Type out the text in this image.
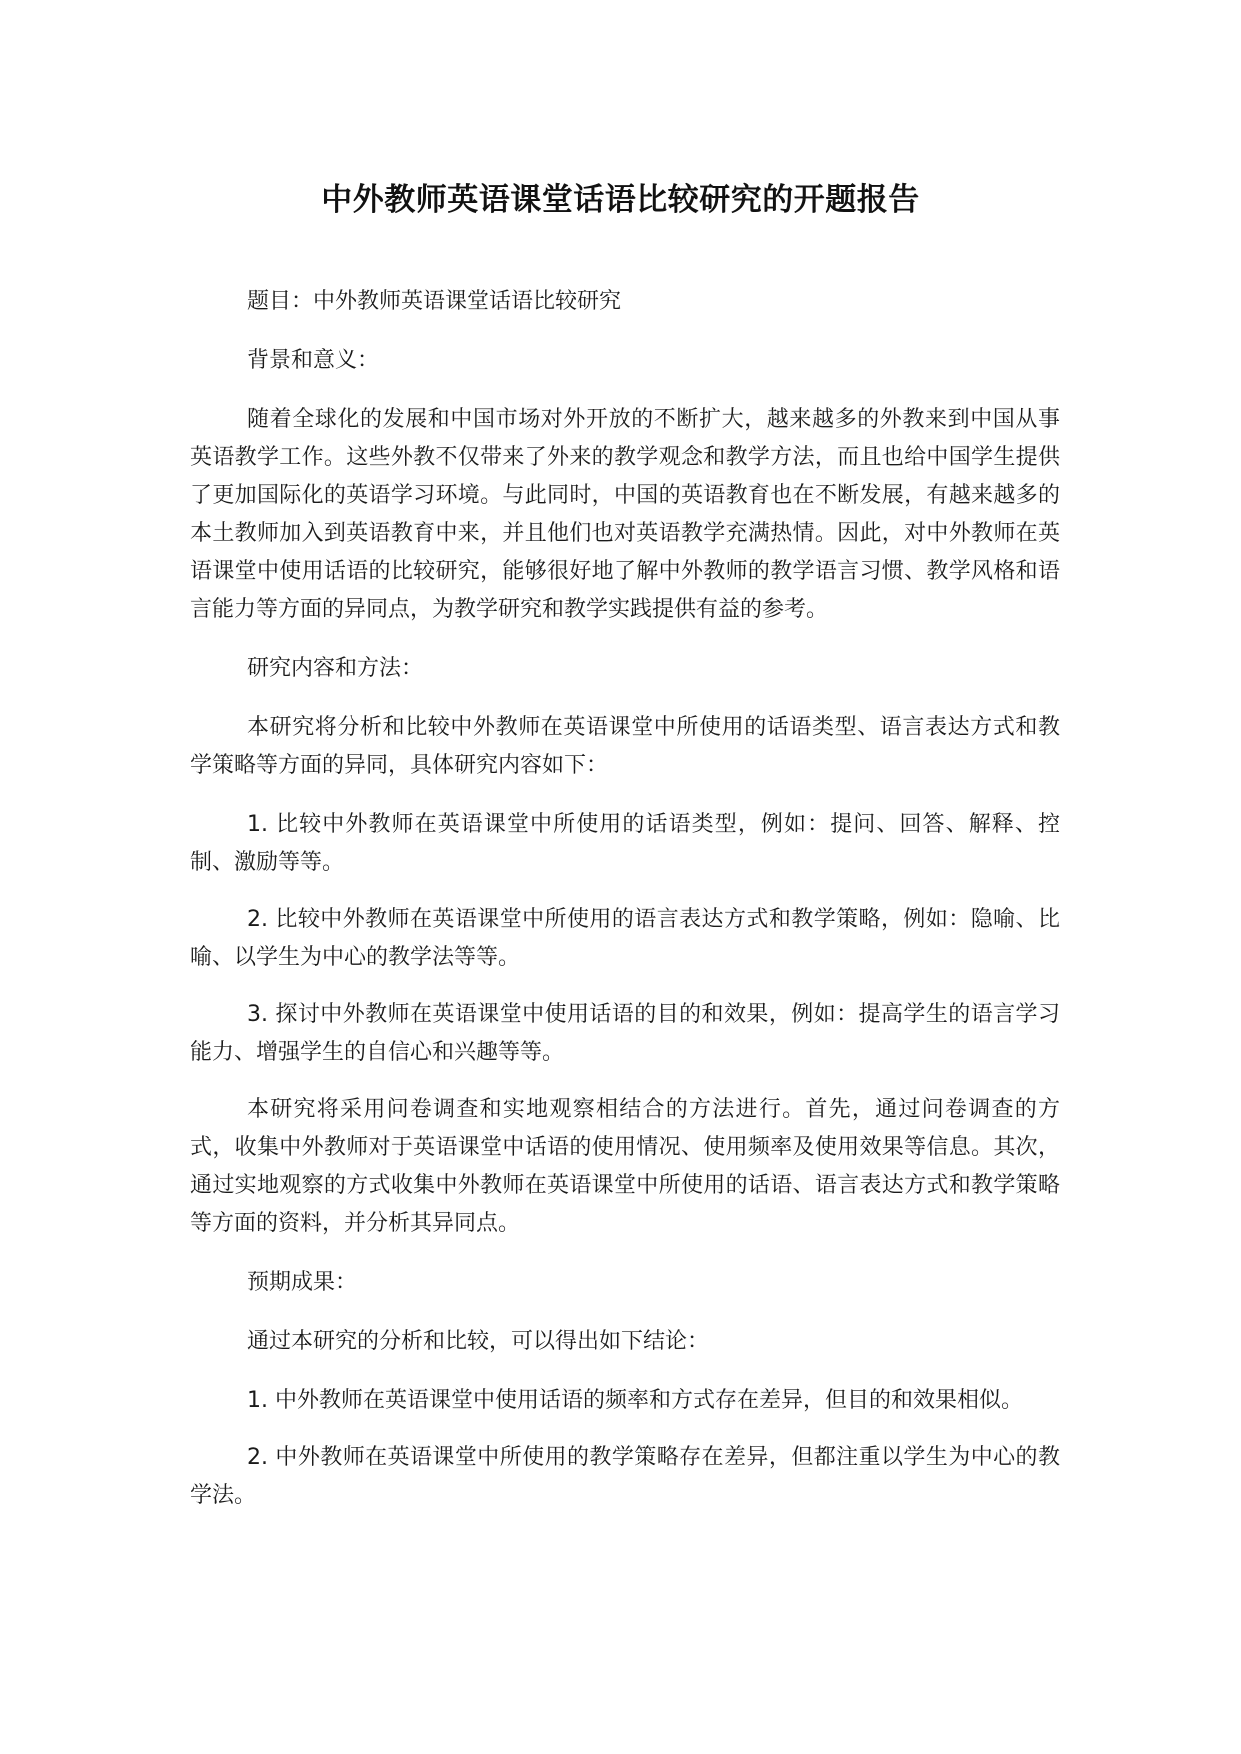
中外教师英语课堂话语比较研究的开题报告

题目：中外教师英语课堂话语比较研究

背景和意义：

随着全球化的发展和中国市场对外开放的不断扩大，越来越多的外教来到中国从事英语教学工作。这些外教不仅带来了外来的教学观念和教学方法，而且也给中国学生提供了更加国际化的英语学习环境。与此同时，中国的英语教育也在不断发展，有越来越多的本土教师加入到英语教育中来，并且他们也对英语教学充满热情。因此，对中外教师在英语课堂中使用话语的比较研究，能够很好地了解中外教师的教学语言习惯、教学风格和语言能力等方面的异同点，为教学研究和教学实践提供有益的参考。

研究内容和方法：

本研究将分析和比较中外教师在英语课堂中所使用的话语类型、语言表达方式和教学策略等方面的异同，具体研究内容如下：

1. 比较中外教师在英语课堂中所使用的话语类型，例如：提问、回答、解释、控制、激励等等。

2. 比较中外教师在英语课堂中所使用的语言表达方式和教学策略，例如：隐喻、比喻、以学生为中心的教学法等等。

3. 探讨中外教师在英语课堂中使用话语的目的和效果，例如：提高学生的语言学习能力、增强学生的自信心和兴趣等等。

本研究将采用问卷调查和实地观察相结合的方法进行。首先，通过问卷调查的方式，收集中外教师对于英语课堂中话语的使用情况、使用频率及使用效果等信息。其次，通过实地观察的方式收集中外教师在英语课堂中所使用的话语、语言表达方式和教学策略等方面的资料，并分析其异同点。

预期成果：

通过本研究的分析和比较，可以得出如下结论：

1. 中外教师在英语课堂中使用话语的频率和方式存在差异，但目的和效果相似。

2. 中外教师在英语课堂中所使用的教学策略存在差异，但都注重以学生为中心的教学法。
